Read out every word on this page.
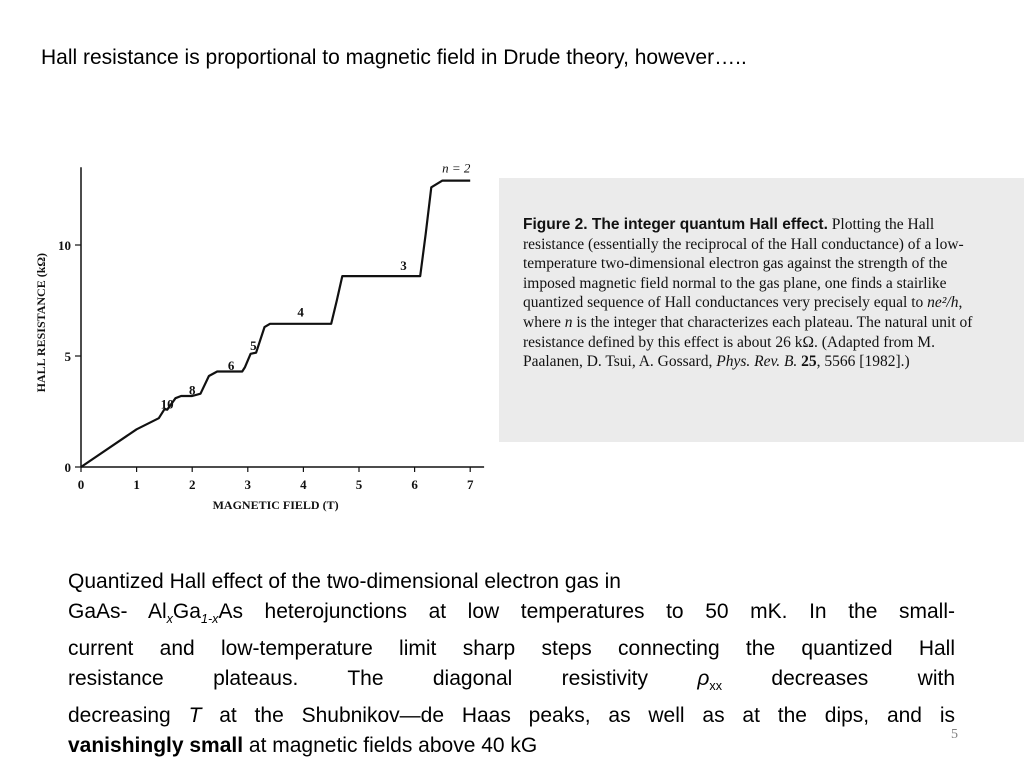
Hall resistance is proportional to magnetic field in Drude theory, however…..
0	1	2	3	4	5	6	7
0
5
10
MAGNETIC FIELD (T)
HALL RESISTANCE (kΩ)
n = 2
3
4
5
6
8
10
Figure 2. The integer quantum Hall effect. Plotting the Hall resistance (essentially the reciprocal of the Hall conductance) of a low-temperature two-dimensional electron gas against the strength of the imposed magnetic field normal to the gas plane, one finds a stairlike quantized sequence of Hall conductances very precisely equal to ne²/h, where n is the integer that characterizes each plateau. The natural unit of resistance defined by this effect is about 26 kΩ. (Adapted from M. Paalanen, D. Tsui, A. Gossard, Phys. Rev. B. 25, 5566 [1982].)
Quantized Hall effect of the two-dimensional electron gas in
GaAs- $Al_xGa_{1-x}As$ heterojunctions at low temperatures to 50 mK. In the small-
current and low-temperature limit sharp steps connecting the quantized Hall
resistance plateaus. The diagonal resistivity $\rho_{xx}$ decreases with
decreasing T at the Shubnikov—de Haas peaks, as well as at the dips, and is
vanishingly small at magnetic fields above 40 kG	5
